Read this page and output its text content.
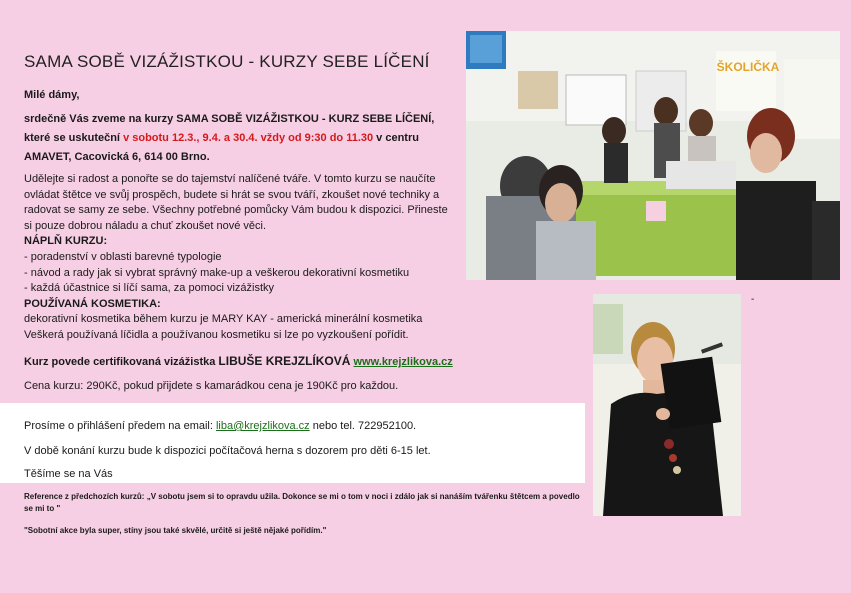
SAMA SOBĚ VIZÁŽISTKOU - KURZY SEBE LÍČENÍ
Milé dámy,
srdečně Vás zveme na kurzy SAMA SOBĚ VIZÁŽISTKOU - KURZ SEBE LÍČENÍ, které se uskuteční v sobotu 12.3., 9.4. a 30.4. vždy od 9:30 do 11.30 v centru AMAVET, Cacovická 6, 614 00 Brno.

Udělejte si radost a ponořte se do tajemství nalíčené tváře. V tomto kurzu se naučíte ovládat štětce ve svůj prospěch, budete si hrát se svou tváří, zkoušet nové techniky a radovat se samy ze sebe. Všechny potřebné pomůcky Vám budou k dispozici. Přineste si pouze dobrou náladu a chuť zkoušet nové věci.

NÁPLŇ KURZU:

- poradenství v oblasti barevné typologie

- návod a rady jak si vybrat správný make-up a veškerou dekorativní kosmetiku

- každá účastnice si líčí sama, za pomoci vizážistky

POUŽÍVANÁ KOSMETIKA:

dekorativní kosmetika během kurzu je MARY KAY - americká minerální kosmetika

Veškerá používaná líčidla a používanou kosmetiku si lze po vyzkoušení pořídit.

Kurz povede certifikovaná vizážistka LIBUŠE KREJZLÍKOVÁ www.krejzlikova.cz
Cena kurzu: 290Kč, pokud přijdete s kamarádkou cena je 190Kč pro každou.
Prosíme o přihlášení předem na email: liba@krejzlikova.cz nebo tel. 722952100.
V době konání kurzu bude k dispozici počítačová herna s dozorem pro děti 6-15 let.
Těšíme se na Vás
Reference z předchozích kurzů: „V sobotu jsem si to opravdu užila. Dokonce se mi o tom v noci i zdálo jak si nanáším tvářenku štětcem a povedlo se mi to "
"Sobotní akce byla super, stíny jsou také skvělé, určitě si ještě nějaké pořídím."
ŠKOLIČKA
-
